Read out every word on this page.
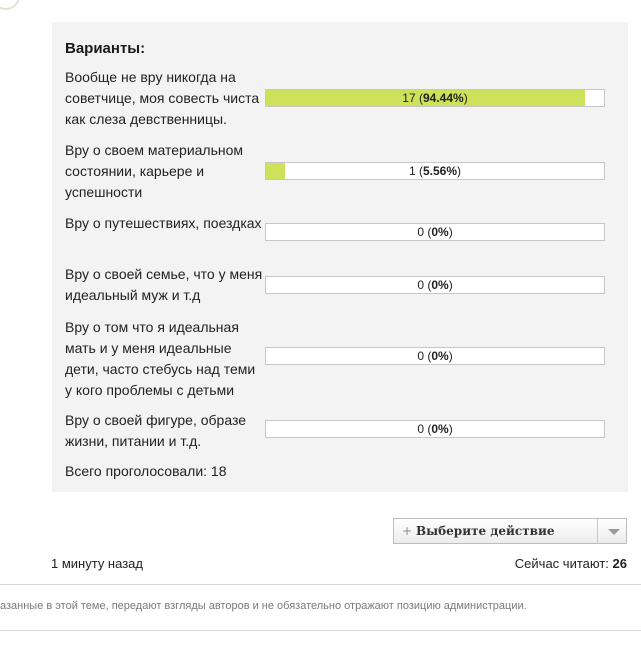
Варианты:
Вообще не вру никогда на советчице, моя совесть чиста как слеза девственницы.
17 (94.44%)
Вру о своем материальном состоянии, карьере и успешности
1 (5.56%)
Вру о путешествиях, поездках
0 (0%)
Вру о своей семье, что у меня идеальный муж и т.д
0 (0%)
Вру о том что я идеальная мать и у меня идеальные дети, часто стебусь над теми у кого проблемы с детьми
0 (0%)
Вру о своей фигуре, образе жизни, питании и т.д.
0 (0%)
Всего проголосовали: 18
+ Выберите действие
1 минуту назад	Сейчас читают: 26
азанные в этой теме, передают взгляды авторов и не обязательно отражают позицию администрации.
